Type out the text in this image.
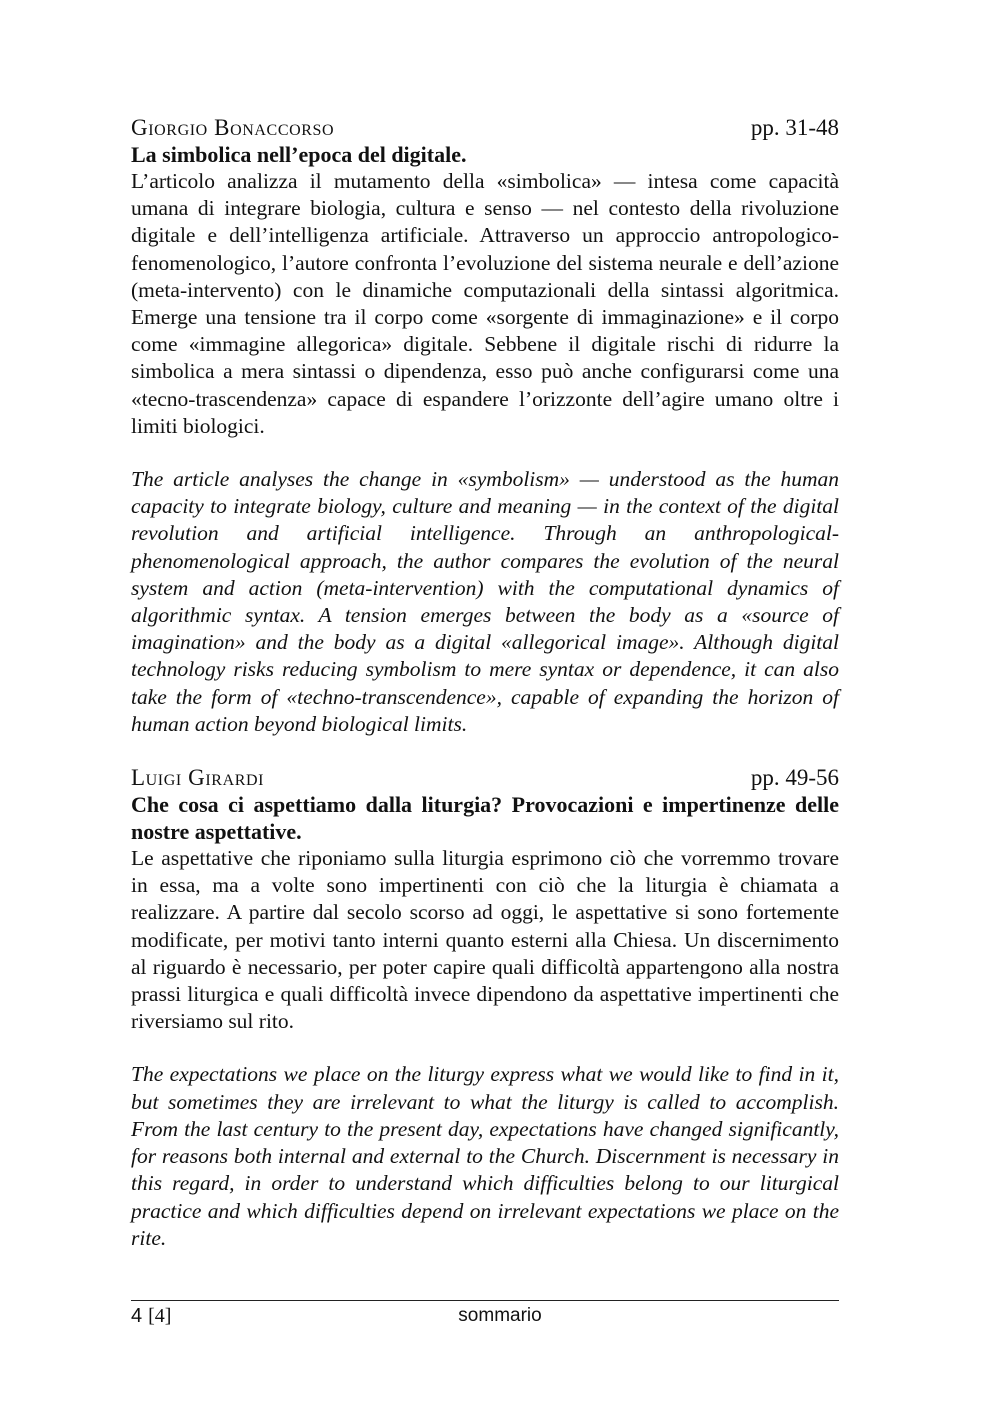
Giorgio Bonaccorso	pp. 31-48
La simbolica nell’epoca del digitale.

L’articolo analizza il mutamento della «simbolica» — intesa come capacità umana di integrare biologia, cultura e senso — nel contesto della rivoluzione digitale e dell’intelligenza artificiale. Attraverso un approccio antropologico-fenomenologico, l’autore confronta l’evoluzione del sistema neurale e dell’azione (meta-intervento) con le dinamiche computazionali della sintassi algoritmica. Emerge una tensione tra il corpo come «sorgente di immaginazione» e il corpo come «immagine allegorica» digitale. Sebbene il digitale rischi di ridurre la simbolica a mera sintassi o dipendenza, esso può anche configurarsi come una «tecno-trascendenza» capace di espandere l’orizzonte dell’agire umano oltre i limiti biologici.

The article analyses the change in «symbolism» — understood as the human capacity to integrate biology, culture and meaning — in the context of the digital revolution and artificial intelligence. Through an anthropological-phenomenological approach, the author compares the evolution of the neural system and action (meta-intervention) with the computational dynamics of algorithmic syntax. A tension emerges between the body as a «source of imagination» and the body as a digital «allegorical image». Although digital technology risks reducing symbolism to mere syntax or dependence, it can also take the form of «techno-transcendence», capable of expanding the horizon of human action beyond biological limits.

Luigi Girardi	pp. 49-56
Che cosa ci aspettiamo dalla liturgia? Provocazioni e impertinenze delle nostre aspettative.

Le aspettative che riponiamo sulla liturgia esprimono ciò che vorremmo trovare in essa, ma a volte sono impertinenti con ciò che la liturgia è chiamata a realizzare. A partire dal secolo scorso ad oggi, le aspettative si sono fortemente modificate, per motivi tanto interni quanto esterni alla Chiesa. Un discernimento al riguardo è necessario, per poter capire quali difficoltà appartengono alla nostra prassi liturgica e quali difficoltà invece dipendono da aspettative impertinenti che riversiamo sul rito.

The expectations we place on the liturgy express what we would like to find in it, but sometimes they are irrelevant to what the liturgy is called to accomplish. From the last century to the present day, expectations have changed significantly, for reasons both internal and external to the Church. Discernment is necessary in this regard, in order to understand which difficulties belong to our liturgical practice and which difficulties depend on irrelevant expectations we place on the rite.

4 [4]	sommario
